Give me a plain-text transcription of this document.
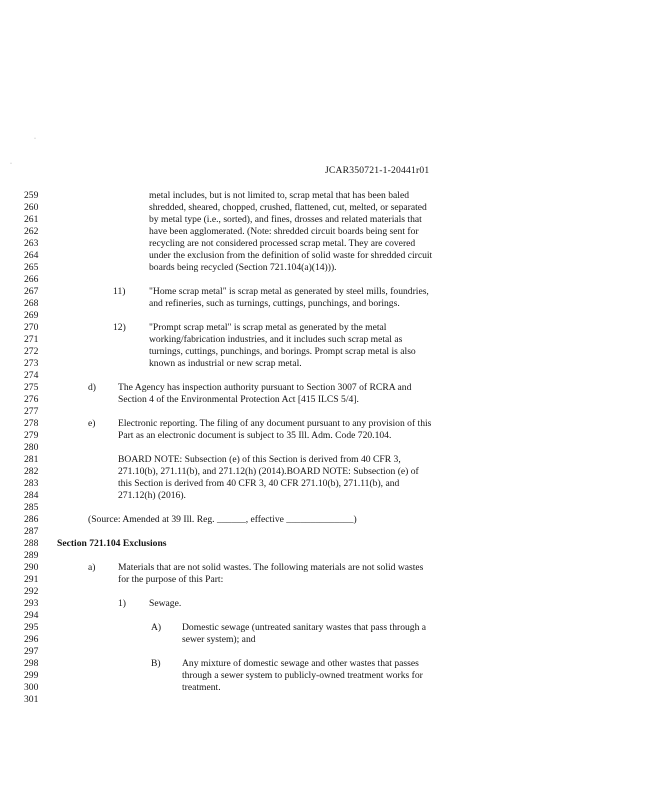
·
·
JCAR350721-1-20441r01
259	metal includes, but is not limited to, scrap metal that has been baled
260	shredded, sheared, chopped, crushed, flattened, cut, melted, or separated
261	by metal type (i.e., sorted), and fines, drosses and related materials that
262	have been agglomerated. (Note: shredded circuit boards being sent for
263	recycling are not considered processed scrap metal. They are covered
264	under the exclusion from the definition of solid waste for shredded circuit
265	boards being recycled (Section 721.104(a)(14))).
266
267	11) "Home scrap metal" is scrap metal as generated by steel mills, foundries,
268	and refineries, such as turnings, cuttings, punchings, and borings.
269
270	12) "Prompt scrap metal" is scrap metal as generated by the metal
271	working/fabrication industries, and it includes such scrap metal as
272	turnings, cuttings, punchings, and borings. Prompt scrap metal is also
273	known as industrial or new scrap metal.
274
275	d) The Agency has inspection authority pursuant to Section 3007 of RCRA and
276	Section 4 of the Environmental Protection Act [415 ILCS 5/4].
277
278	e) Electronic reporting. The filing of any document pursuant to any provision of this
279	Part as an electronic document is subject to 35 Ill. Adm. Code 720.104.
280
281	BOARD NOTE: Subsection (e) of this Section is derived from 40 CFR 3,
282	271.10(b), 271.11(b), and 271.12(h) (2014).BOARD NOTE: Subsection (e) of
283	this Section is derived from 40 CFR 3, 40 CFR 271.10(b), 271.11(b), and
284	271.12(h) (2016).
285
286	(Source: Amended at 39 Ill. Reg. ______, effective ______________)
287
288	Section 721.104 Exclusions
289
290	a) Materials that are not solid wastes. The following materials are not solid wastes
291	for the purpose of this Part:
292
293	1) Sewage.
294
295	A) Domestic sewage (untreated sanitary wastes that pass through a
296	sewer system); and
297
298	B) Any mixture of domestic sewage and other wastes that passes
299	through a sewer system to publicly-owned treatment works for
300	treatment.
301
